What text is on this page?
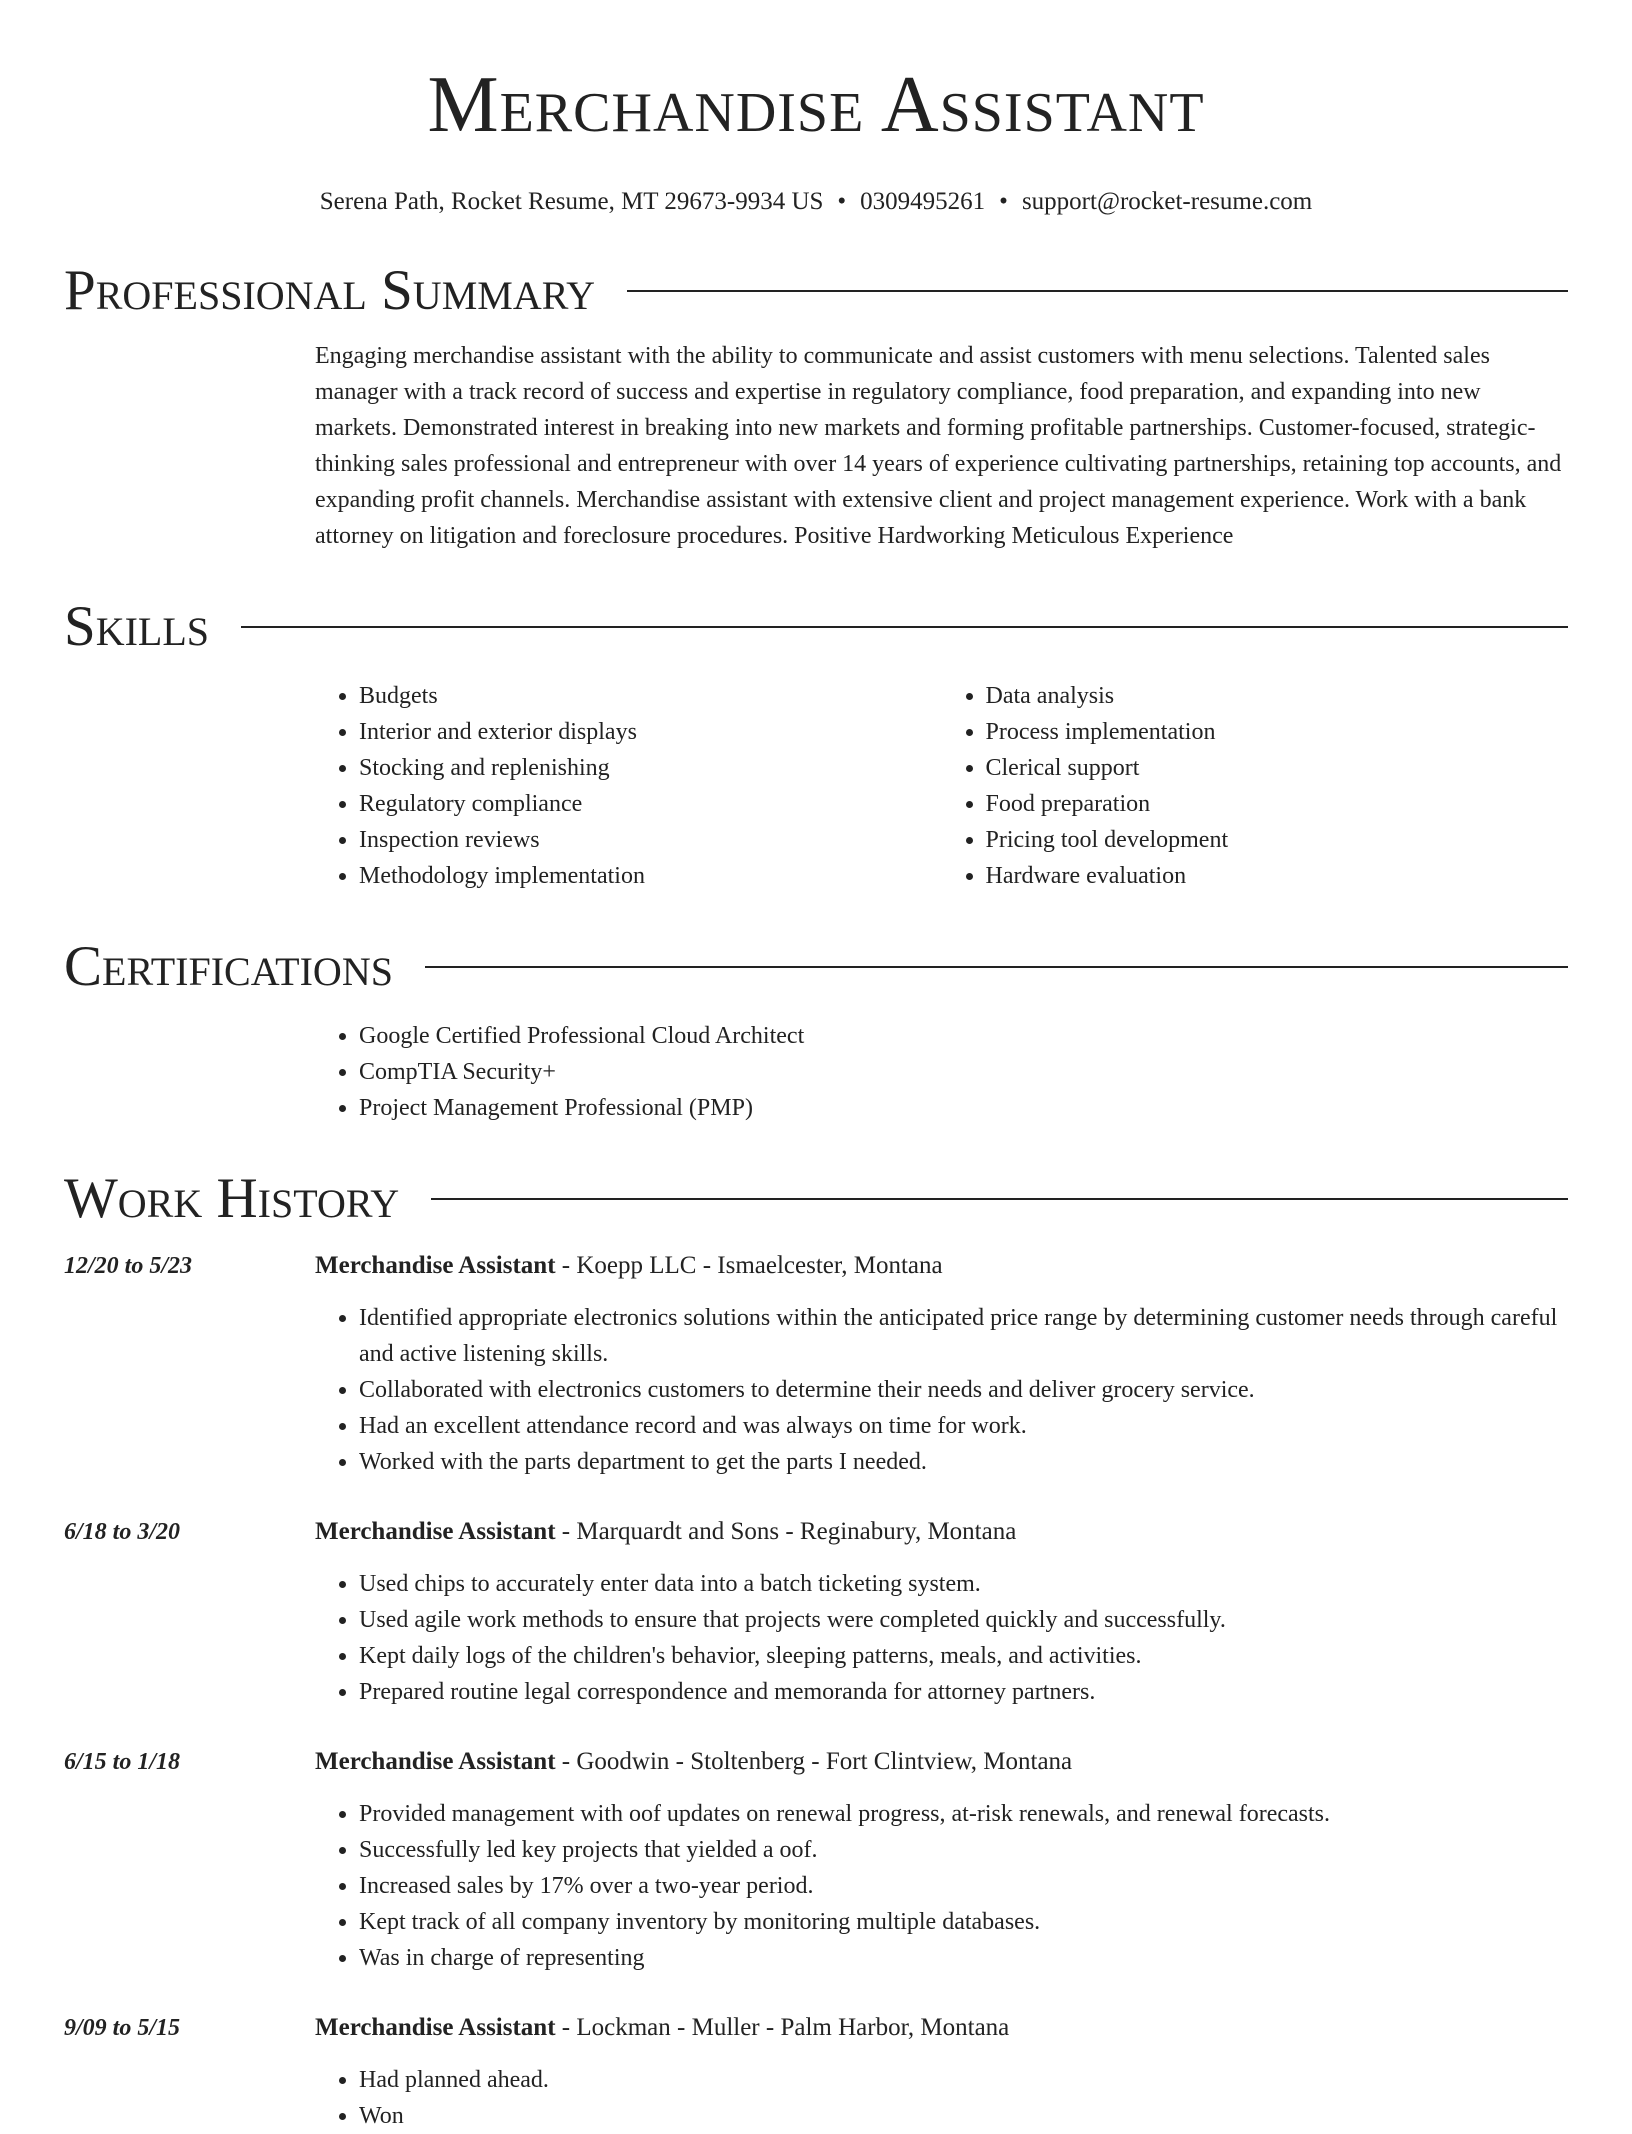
Merchandise Assistant
Serena Path, Rocket Resume, MT 29673-9934 US • 0309495261 • support@rocket-resume.com
Professional Summary
Engaging merchandise assistant with the ability to communicate and assist customers with menu selections. Talented sales manager with a track record of success and expertise in regulatory compliance, food preparation, and expanding into new markets. Demonstrated interest in breaking into new markets and forming profitable partnerships. Customer-focused, strategic-thinking sales professional and entrepreneur with over 14 years of experience cultivating partnerships, retaining top accounts, and expanding profit channels. Merchandise assistant with extensive client and project management experience. Work with a bank attorney on litigation and foreclosure procedures. Positive Hardworking Meticulous Experience
Skills
• Budgets
• Interior and exterior displays
• Stocking and replenishing
• Regulatory compliance
• Inspection reviews
• Methodology implementation
• Data analysis
• Process implementation
• Clerical support
• Food preparation
• Pricing tool development
• Hardware evaluation
Certifications
• Google Certified Professional Cloud Architect
• CompTIA Security+
• Project Management Professional (PMP)
Work History
12/20 to 5/23	Merchandise Assistant - Koepp LLC - Ismaelcester, Montana
• Identified appropriate electronics solutions within the anticipated price range by determining customer needs through careful and active listening skills.
• Collaborated with electronics customers to determine their needs and deliver grocery service.
• Had an excellent attendance record and was always on time for work.
• Worked with the parts department to get the parts I needed.
6/18 to 3/20	Merchandise Assistant - Marquardt and Sons - Reginabury, Montana
• Used chips to accurately enter data into a batch ticketing system.
• Used agile work methods to ensure that projects were completed quickly and successfully.
• Kept daily logs of the children's behavior, sleeping patterns, meals, and activities.
• Prepared routine legal correspondence and memoranda for attorney partners.
6/15 to 1/18	Merchandise Assistant - Goodwin - Stoltenberg - Fort Clintview, Montana
• Provided management with oof updates on renewal progress, at-risk renewals, and renewal forecasts.
• Successfully led key projects that yielded a oof.
• Increased sales by 17% over a two-year period.
• Kept track of all company inventory by monitoring multiple databases.
• Was in charge of representing
9/09 to 5/15	Merchandise Assistant - Lockman - Muller - Palm Harbor, Montana
• Had planned ahead.
• Won
